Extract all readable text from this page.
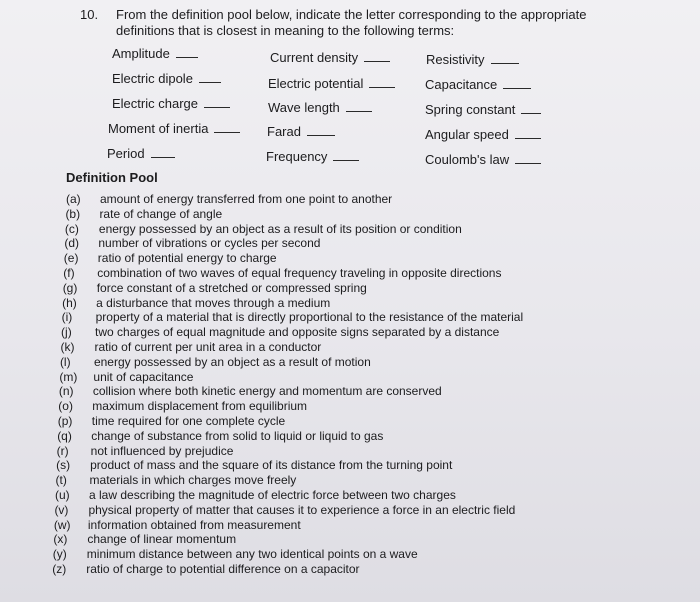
10. From the definition pool below, indicate the letter corresponding to the appropriate definitions that is closest in meaning to the following terms:
Amplitude	Current density	Resistivity
Electric dipole	Electric potential	Capacitance
Electric charge	Wave length	Spring constant
Moment of inertia	Farad	Angular speed
Period	Frequency	Coulomb's law
Definition Pool
(a) amount of energy transferred from one point to another
(b) rate of change of angle
(c) energy possessed by an object as a result of its position or condition
(d) number of vibrations or cycles per second
(e) ratio of potential energy to charge
(f) combination of two waves of equal frequency traveling in opposite directions
(g) force constant of a stretched or compressed spring
(h) a disturbance that moves through a medium
(i) property of a material that is directly proportional to the resistance of the material
(j) two charges of equal magnitude and opposite signs separated by a distance
(k) ratio of current per unit area in a conductor
(l) energy possessed by an object as a result of motion
(m) unit of capacitance
(n) collision where both kinetic energy and momentum are conserved
(o) maximum displacement from equilibrium
(p) time required for one complete cycle
(q) change of substance from solid to liquid or liquid to gas
(r) not influenced by prejudice
(s) product of mass and the square of its distance from the turning point
(t) materials in which charges move freely
(u) a law describing the magnitude of electric force between two charges
(v) physical property of matter that causes it to experience a force in an electric field
(w) information obtained from measurement
(x) change of linear momentum
(y) minimum distance between any two identical points on a wave
(z) ratio of charge to potential difference on a capacitor
